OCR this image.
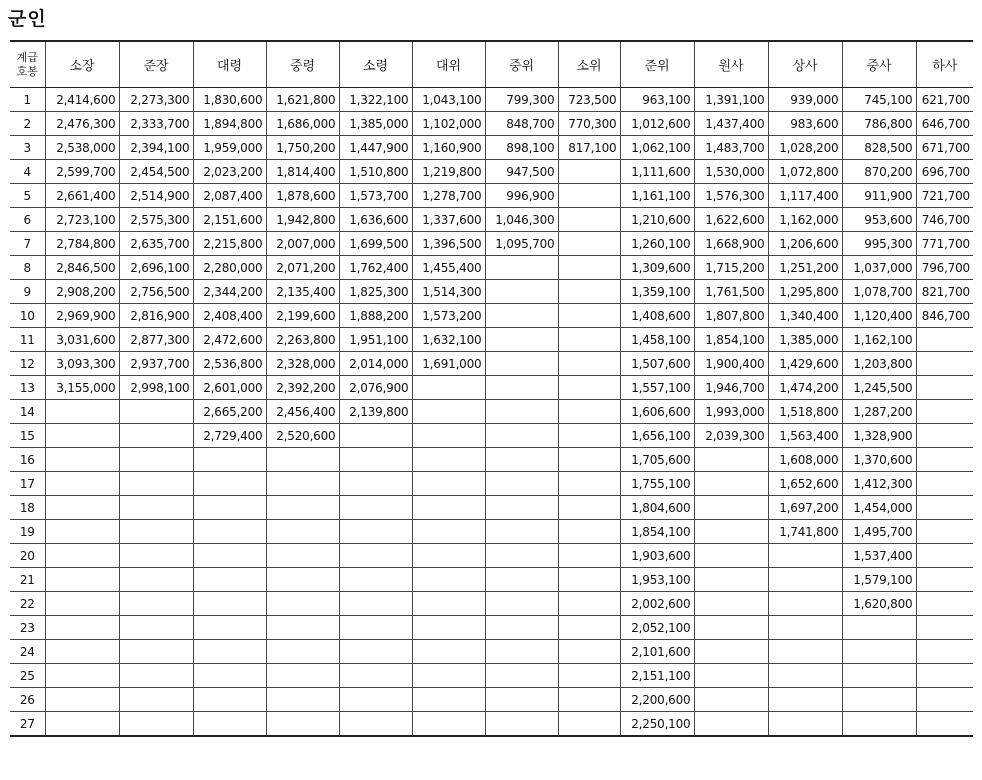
군인
계급
호봉	소장	준장	대령	중령	소령	대위	중위	소위	준위	원사	상사	중사	하사
1	2,414,600	2,273,300	1,830,600	1,621,800	1,322,100	1,043,100	799,300	723,500	963,100	1,391,100	939,000	745,100	621,700
2	2,476,300	2,333,700	1,894,800	1,686,000	1,385,000	1,102,000	848,700	770,300	1,012,600	1,437,400	983,600	786,800	646,700
3	2,538,000	2,394,100	1,959,000	1,750,200	1,447,900	1,160,900	898,100	817,100	1,062,100	1,483,700	1,028,200	828,500	671,700
4	2,599,700	2,454,500	2,023,200	1,814,400	1,510,800	1,219,800	947,500		1,111,600	1,530,000	1,072,800	870,200	696,700
5	2,661,400	2,514,900	2,087,400	1,878,600	1,573,700	1,278,700	996,900		1,161,100	1,576,300	1,117,400	911,900	721,700
6	2,723,100	2,575,300	2,151,600	1,942,800	1,636,600	1,337,600	1,046,300		1,210,600	1,622,600	1,162,000	953,600	746,700
7	2,784,800	2,635,700	2,215,800	2,007,000	1,699,500	1,396,500	1,095,700		1,260,100	1,668,900	1,206,600	995,300	771,700
8	2,846,500	2,696,100	2,280,000	2,071,200	1,762,400	1,455,400			1,309,600	1,715,200	1,251,200	1,037,000	796,700
9	2,908,200	2,756,500	2,344,200	2,135,400	1,825,300	1,514,300			1,359,100	1,761,500	1,295,800	1,078,700	821,700
10	2,969,900	2,816,900	2,408,400	2,199,600	1,888,200	1,573,200			1,408,600	1,807,800	1,340,400	1,120,400	846,700
11	3,031,600	2,877,300	2,472,600	2,263,800	1,951,100	1,632,100			1,458,100	1,854,100	1,385,000	1,162,100	
12	3,093,300	2,937,700	2,536,800	2,328,000	2,014,000	1,691,000			1,507,600	1,900,400	1,429,600	1,203,800	
13	3,155,000	2,998,100	2,601,000	2,392,200	2,076,900				1,557,100	1,946,700	1,474,200	1,245,500	
14			2,665,200	2,456,400	2,139,800				1,606,600	1,993,000	1,518,800	1,287,200	
15			2,729,400	2,520,600					1,656,100	2,039,300	1,563,400	1,328,900	
16									1,705,600		1,608,000	1,370,600	
17									1,755,100		1,652,600	1,412,300	
18									1,804,600		1,697,200	1,454,000	
19									1,854,100		1,741,800	1,495,700	
20									1,903,600			1,537,400	
21									1,953,100			1,579,100	
22									2,002,600			1,620,800	
23									2,052,100				
24									2,101,600				
25									2,151,100				
26									2,200,600				
27									2,250,100				
